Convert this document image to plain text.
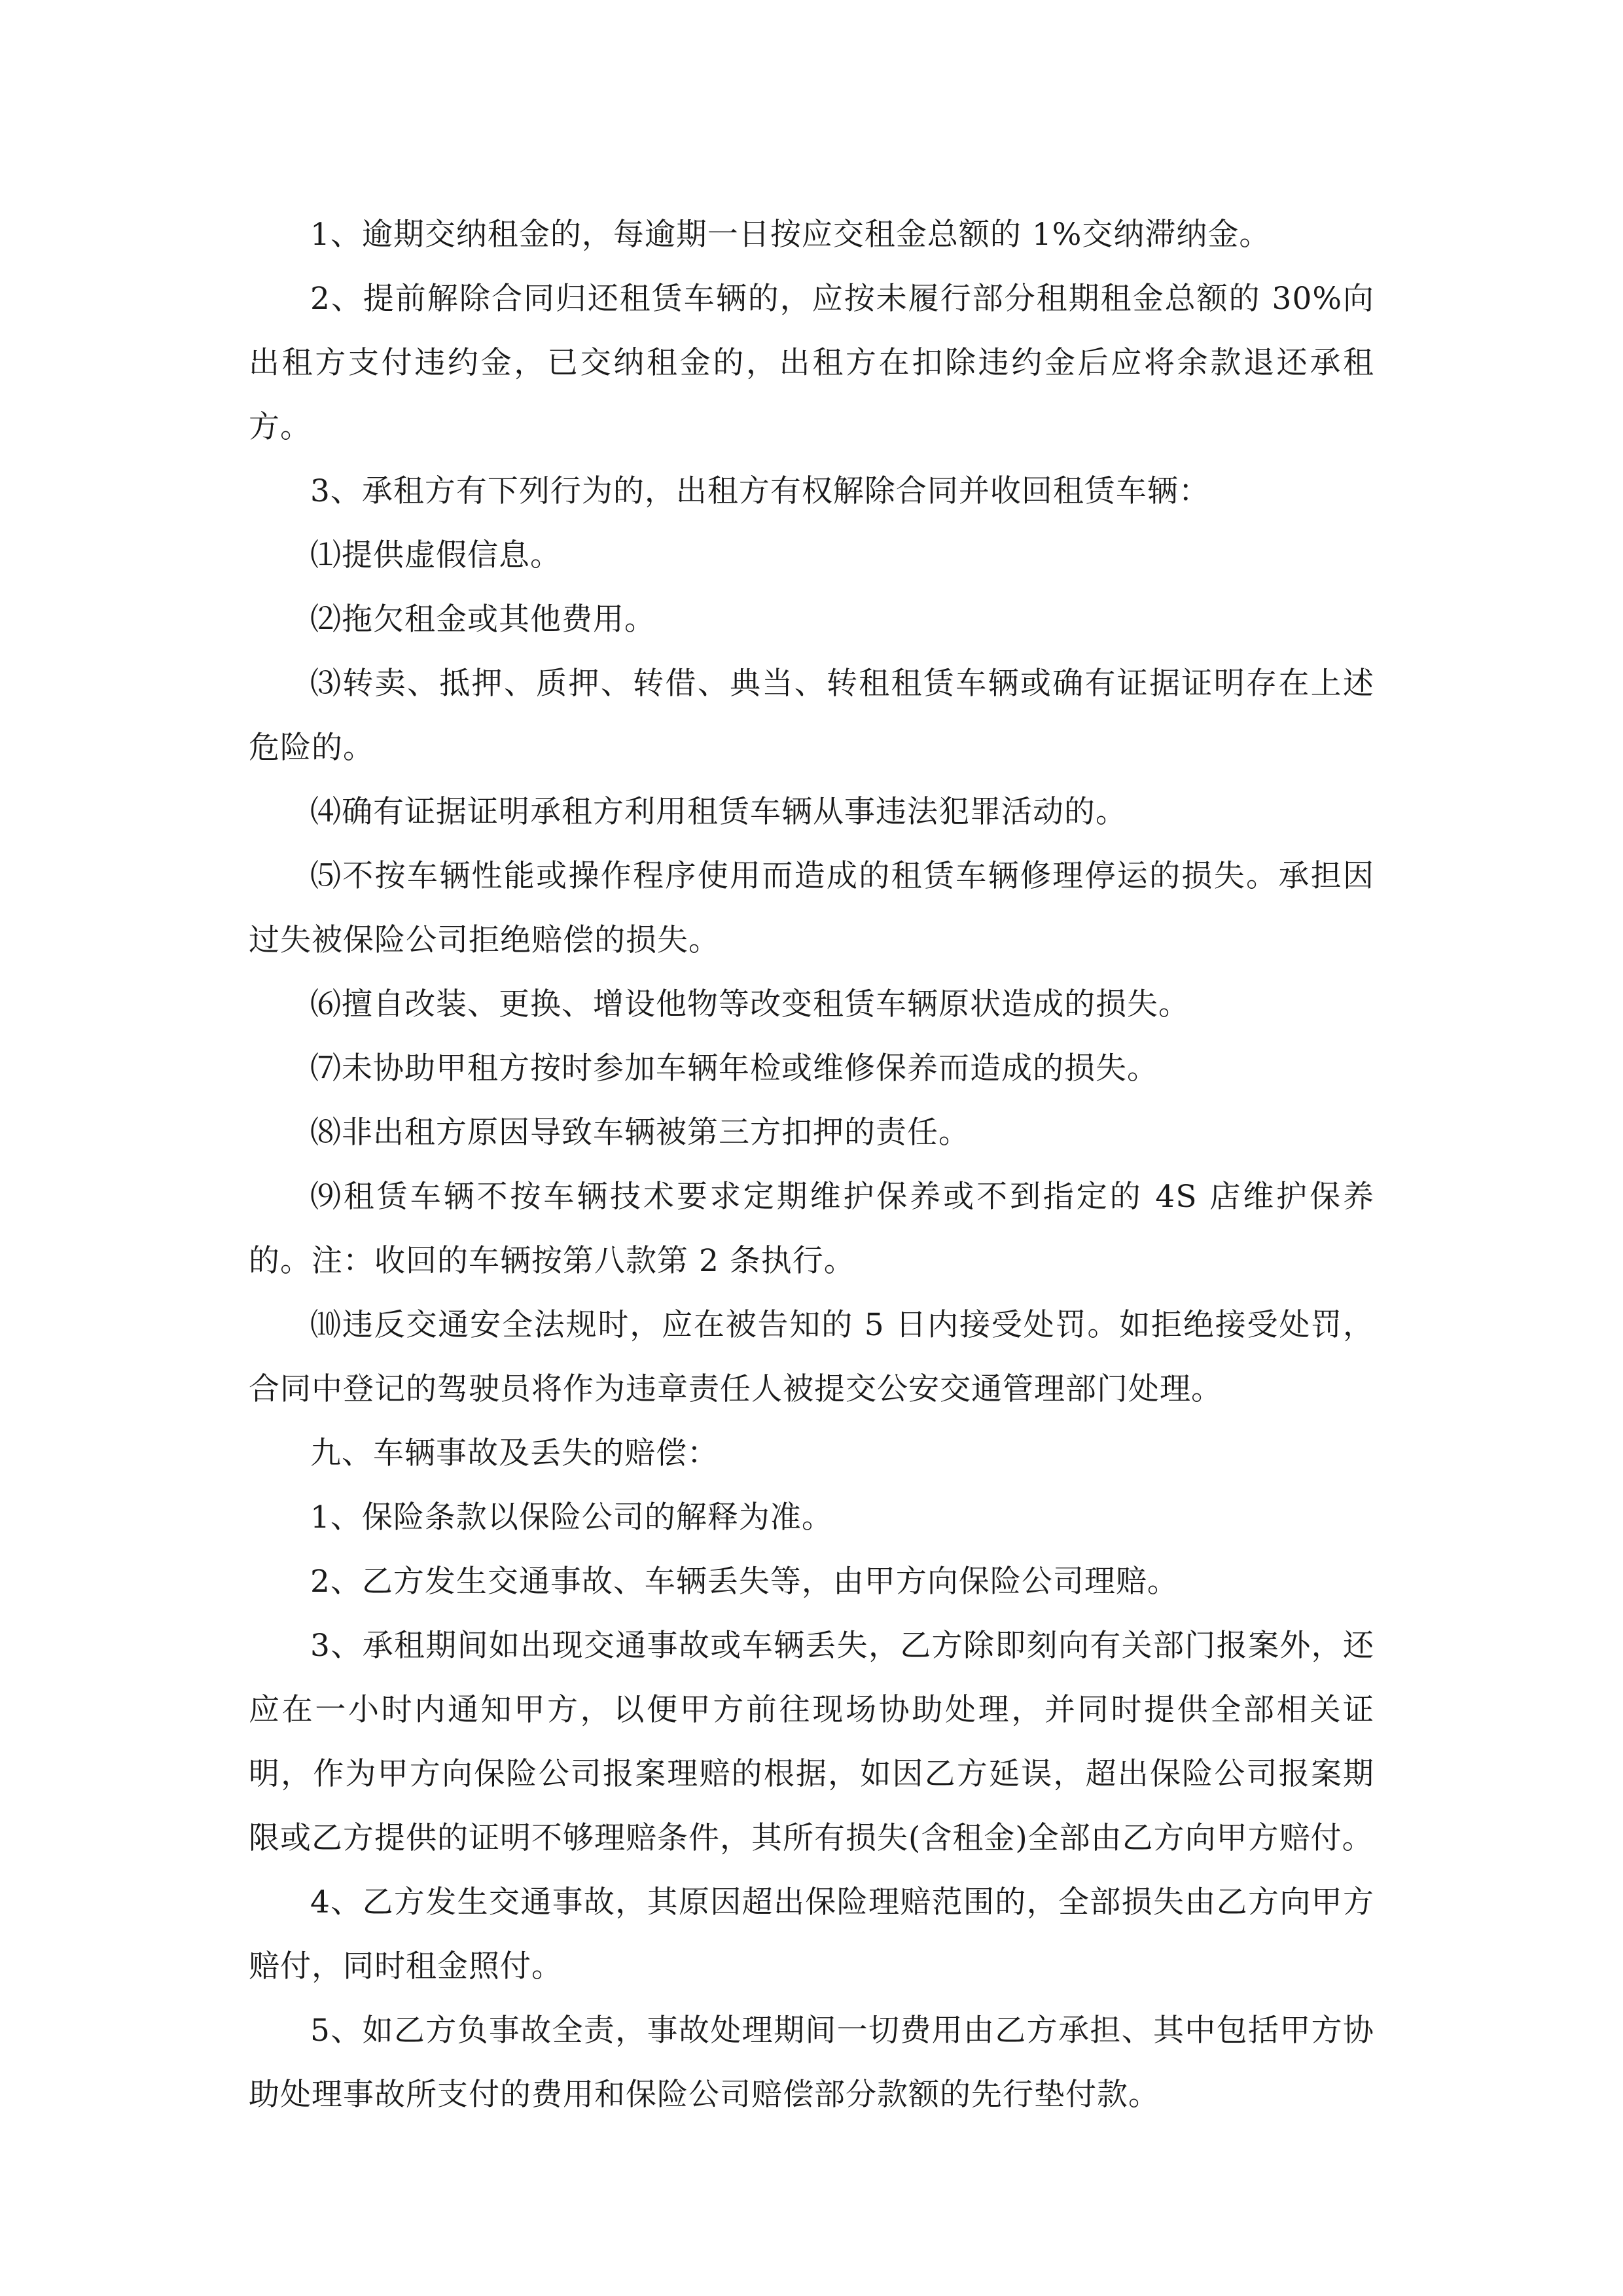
1、逾期交纳租金的，每逾期一日按应交租金总额的 1%交纳滞纳金。

2、提前解除合同归还租赁车辆的，应按未履行部分租期租金总额的 30%向出租方支付违约金，已交纳租金的，出租方在扣除违约金后应将余款退还承租方。

3、承租方有下列行为的，出租方有权解除合同并收回租赁车辆：

⑴提供虚假信息。

⑵拖欠租金或其他费用。

⑶转卖、抵押、质押、转借、典当、转租租赁车辆或确有证据证明存在上述危险的。

⑷确有证据证明承租方利用租赁车辆从事违法犯罪活动的。

⑸不按车辆性能或操作程序使用而造成的租赁车辆修理停运的损失。承担因过失被保险公司拒绝赔偿的损失。

⑹擅自改装、更换、增设他物等改变租赁车辆原状造成的损失。

⑺未协助甲租方按时参加车辆年检或维修保养而造成的损失。

⑻非出租方原因导致车辆被第三方扣押的责任。

⑼租赁车辆不按车辆技术要求定期维护保养或不到指定的 4S 店维护保养的。注：收回的车辆按第八款第 2 条执行。

⑽违反交通安全法规时，应在被告知的 5 日内接受处罚。如拒绝接受处罚，合同中登记的驾驶员将作为违章责任人被提交公安交通管理部门处理。

九、车辆事故及丢失的赔偿：

1、保险条款以保险公司的解释为准。

2、乙方发生交通事故、车辆丢失等，由甲方向保险公司理赔。

3、承租期间如出现交通事故或车辆丢失，乙方除即刻向有关部门报案外，还应在一小时内通知甲方，以便甲方前往现场协助处理，并同时提供全部相关证明，作为甲方向保险公司报案理赔的根据，如因乙方延误，超出保险公司报案期限或乙方提供的证明不够理赔条件，其所有损失(含租金)全部由乙方向甲方赔付。

4、乙方发生交通事故，其原因超出保险理赔范围的，全部损失由乙方向甲方赔付，同时租金照付。

5、如乙方负事故全责，事故处理期间一切费用由乙方承担、其中包括甲方协助处理事故所支付的费用和保险公司赔偿部分款额的先行垫付款。
